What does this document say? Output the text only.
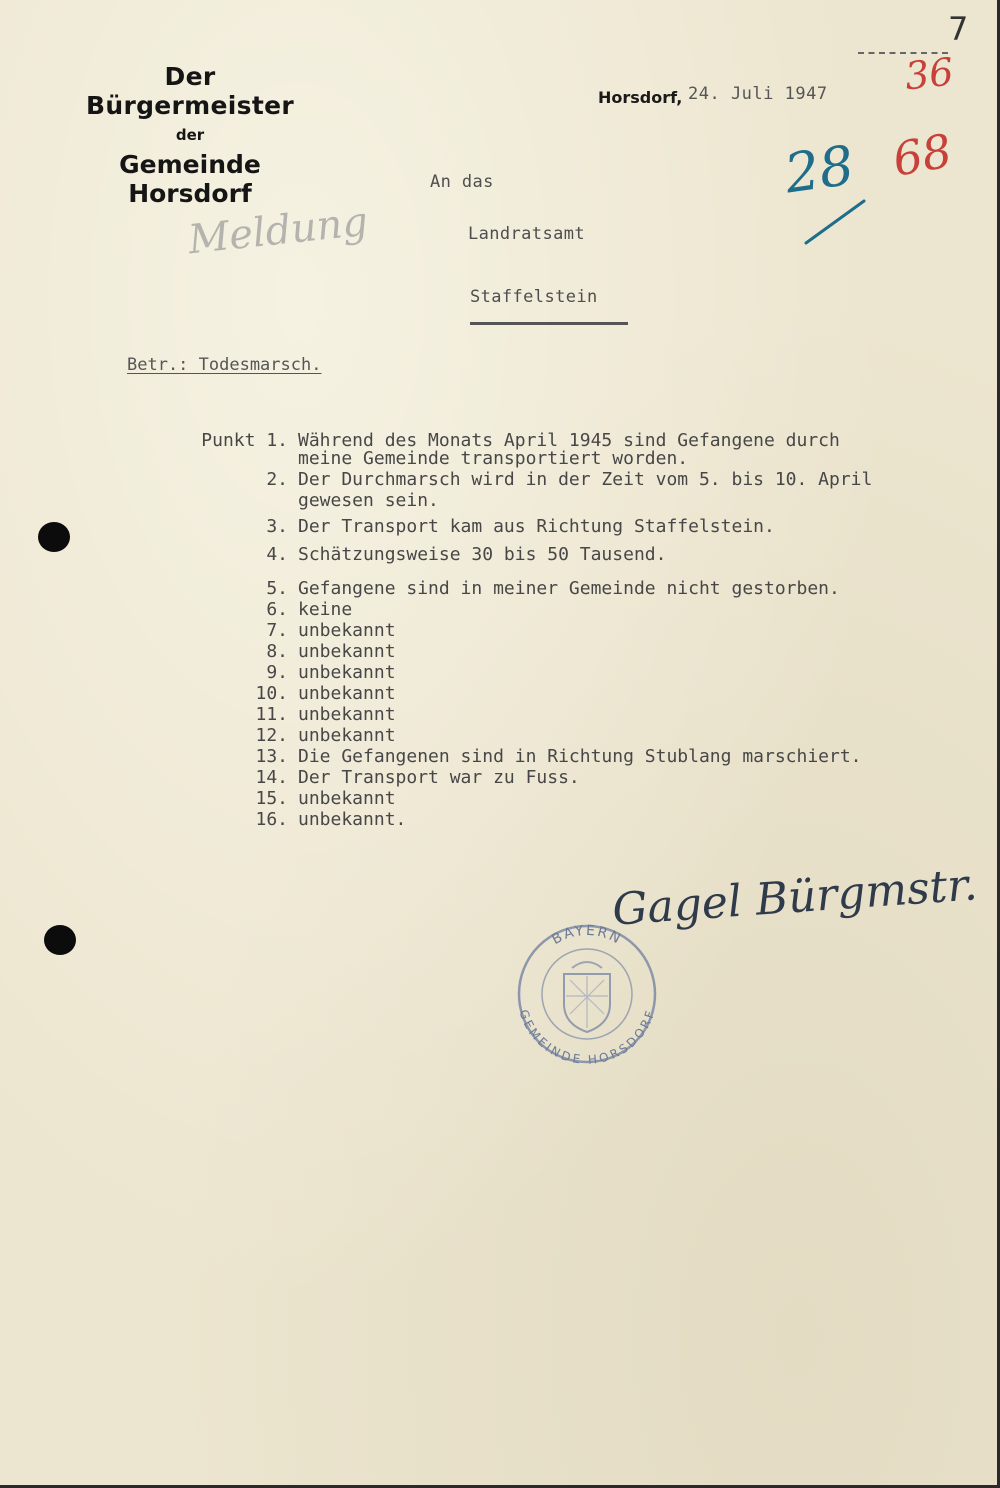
7
36
68
28
Der Bürgermeister
der
Gemeinde Horsdorf
Meldung
Horsdorf, 24. Juli 1947
An das
Landratsamt
Staffelstein
Betr.: Todesmarsch.
Punkt 1. Während des Monats April 1945 sind Gefangene durch
meine Gemeinde transportiert worden.
2. Der Durchmarsch wird in der Zeit vom 5. bis 10. April
gewesen sein.
3. Der Transport kam aus Richtung Staffelstein.
4. Schätzungsweise 30 bis 50 Tausend.
5. Gefangene sind in meiner Gemeinde nicht gestorben.
6. keine
7. unbekannt
8. unbekannt
9. unbekannt
10. unbekannt
11. unbekannt
12. unbekannt
13. Die Gefangenen sind in Richtung Stublang marschiert.
14. Der Transport war zu Fuss.
15. unbekannt
16. unbekannt.
BAYERN
GEMEINDE HORSDORF
Gagel Bürgmstr.
